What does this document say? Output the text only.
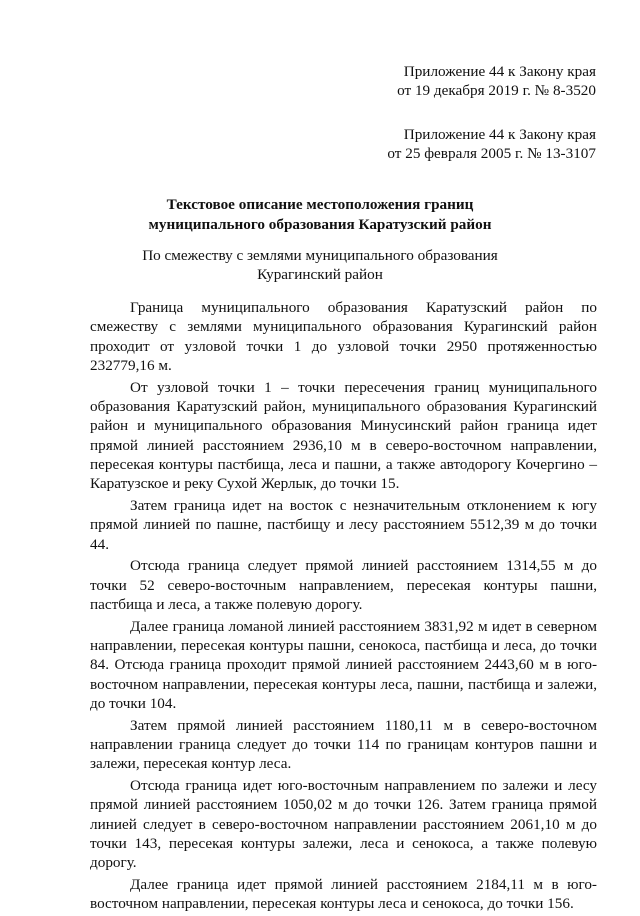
Приложение 44 к Закону края
от 19 декабря 2019 г. № 8-3520
Приложение 44 к Закону края
от 25 февраля 2005 г. № 13-3107
Текстовое описание местоположения границ
муниципального образования Каратузский район
По смежеству с землями муниципального образования
Курагинский район

Граница муниципального образования Каратузский район по смежеству с землями муниципального образования Курагинский район проходит от узловой точки 1 до узловой точки 2950 протяженностью 232779,16 м.

От узловой точки 1 – точки пересечения границ муниципального образования Каратузский район, муниципального образования Курагинский район и муниципального образования Минусинский район граница идет прямой линией расстоянием 2936,10 м в северо-восточном направлении, пересекая контуры пастбища, леса и пашни, а также автодорогу Кочергино – Каратузское и реку Сухой Жерлык, до точки 15.

Затем граница идет на восток с незначительным отклонением к югу прямой линией по пашне, пастбищу и лесу расстоянием 5512,39 м до точки 44.

Отсюда граница следует прямой линией расстоянием 1314,55 м до точки 52 северо-восточным направлением, пересекая контуры пашни, пастбища и леса, а также полевую дорогу.

Далее граница ломаной линией расстоянием 3831,92 м идет в северном направлении, пересекая контуры пашни, сенокоса, пастбища и леса, до точки 84. Отсюда граница проходит прямой линией расстоянием 2443,60 м в юго-восточном направлении, пересекая контуры леса, пашни, пастбища и залежи, до точки 104.

Затем прямой линией расстоянием 1180,11 м в северо-восточном направлении граница следует до точки 114 по границам контуров пашни и залежи, пересекая контур леса.

Отсюда граница идет юго-восточным направлением по залежи и лесу прямой линией расстоянием 1050,02 м до точки 126. Затем граница прямой линией следует в северо-восточном направлении расстоянием 2061,10 м до точки 143, пересекая контуры залежи, леса и сенокоса, а также полевую дорогу.

Далее граница идет прямой линией расстоянием 2184,11 м в юго-восточном направлении, пересекая контуры леса и сенокоса, до точки 156.
